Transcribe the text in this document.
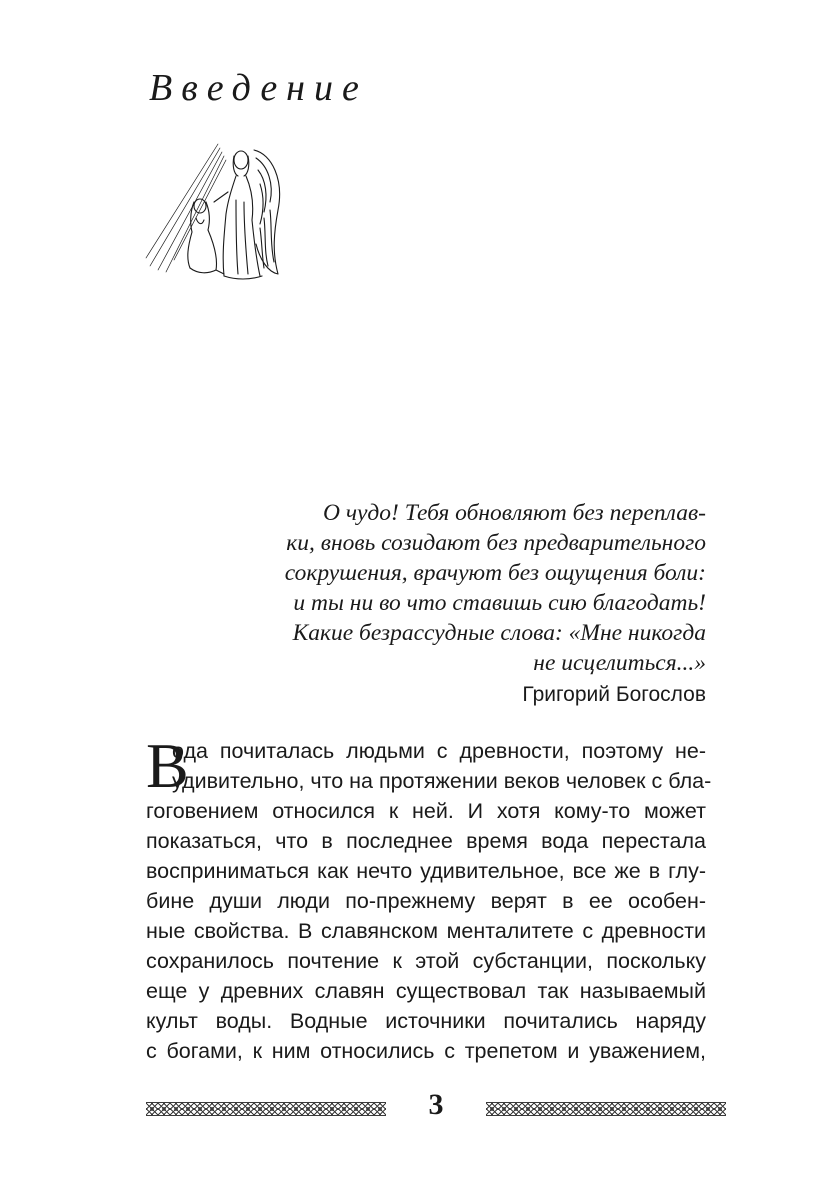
Введение
О чудо! Тебя обновляют без переплав-
ки, вновь созидают без предварительного
сокрушения, врачуют без ощущения боли:
и ты ни во что ставишь сию благодать!
Какие безрассудные слова: «Мне никогда
не исцелиться...»
Григорий Богослов
В
ода почиталась людьми с древности, поэтому не-
удивительно, что на протяжении веков человек с бла-
гоговением относился к ней. И хотя кому-то может
показаться, что в последнее время вода перестала
восприниматься как нечто удивительное, все же в глу-
бине души люди по-прежнему верят в ее особен-
ные свойства. В славянском менталитете с древности
сохранилось почтение к этой субстанции, поскольку
еще у древних славян существовал так называемый
культ воды. Водные источники почитались наряду
с богами, к ним относились с трепетом и уважением,
3
